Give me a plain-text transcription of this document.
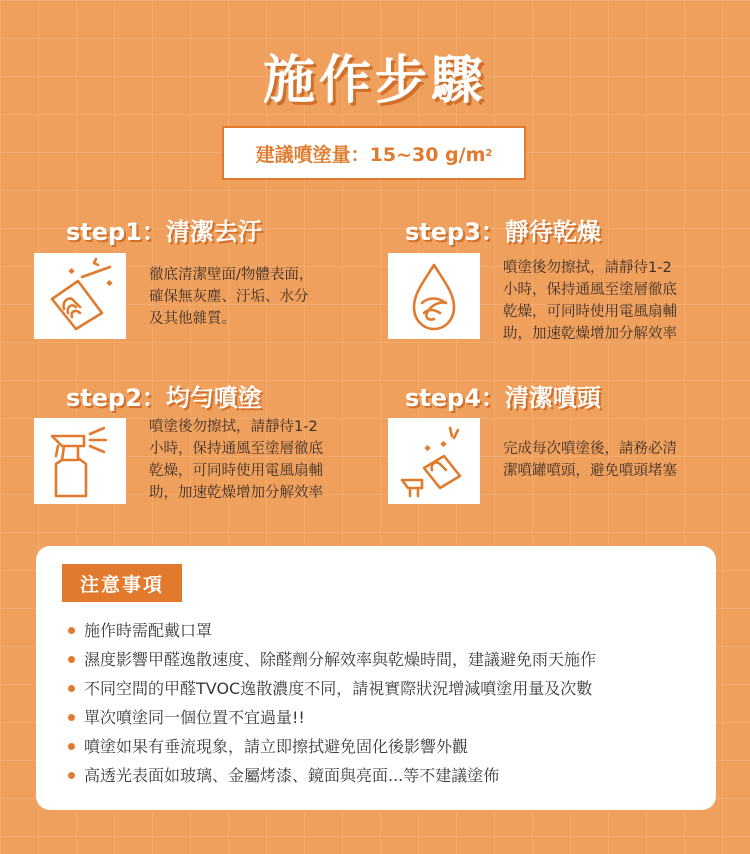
施作步驟
建議噴塗量：15~30 g/m 2
step1：清潔去汙
徹底清潔壁面/物體表面，
確保無灰塵、汙垢、水分
及其他雜質。
step2：均勻噴塗
噴塗後勿擦拭，請靜待1-2
小時，保持通風至塗層徹底
乾燥，可同時使用電風扇輔
助，加速乾燥增加分解效率
step3：靜待乾燥
噴塗後勿擦拭，請靜待1-2
小時，保持通風至塗層徹底
乾燥，可同時使用電風扇輔
助，加速乾燥增加分解效率
step4：清潔噴頭
完成每次噴塗後，請務必清
潔噴罐噴頭，避免噴頭堵塞
注意事項
施作時需配戴口罩
濕度影響甲醛逸散速度、除醛劑分解效率與乾燥時間，建議避免雨天施作
不同空間的甲醛TVOC逸散濃度不同，請視實際狀況增減噴塗用量及次數
單次噴塗同一個位置不宜過量!!
噴塗如果有垂流現象，請立即擦拭避免固化後影響外觀
高透光表面如玻璃、金屬烤漆、鏡面與亮面...等不建議塗佈
